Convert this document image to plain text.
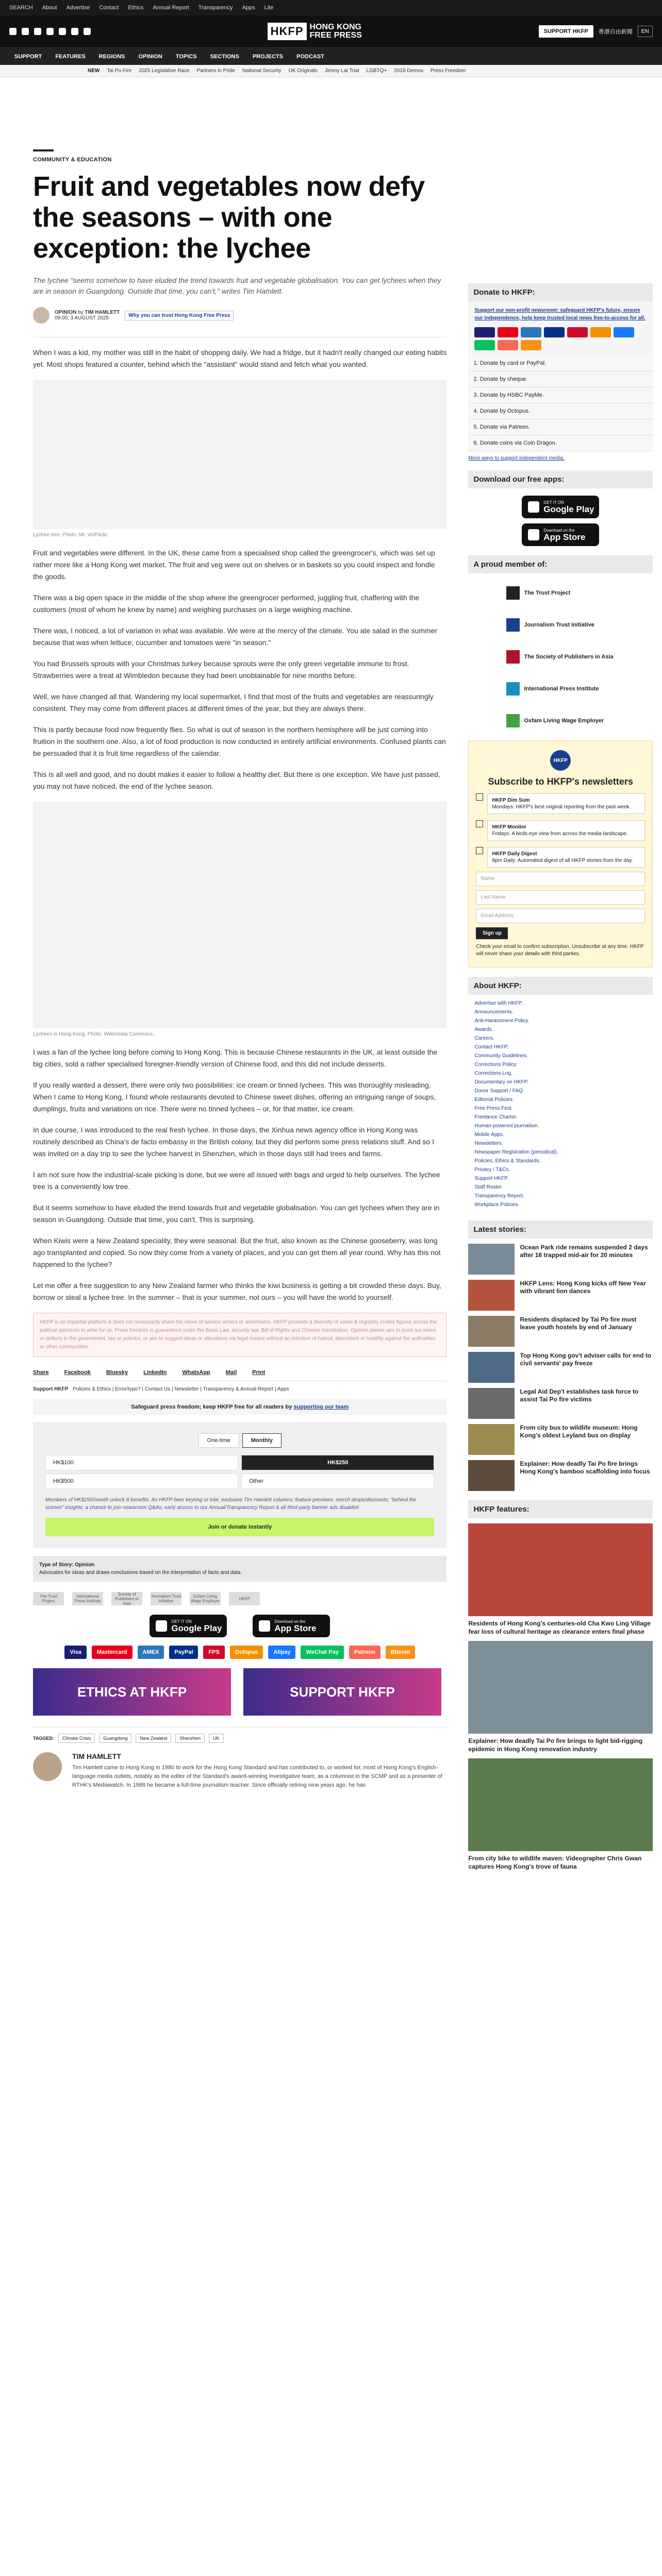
SEARCH About Advertise Contact Ethics Annual Report Transparency Apps Lite
HKFP HONG KONG
FREE PRESS	SUPPORT HKFP	香港自由新聞	EN
SUPPORT FEATURES REGIONS OPINION TOPICS SECTIONS PROJECTS PODCAST
NEW Tai Po Fire 2025 Legislative Race Partners in Pride National Security UK Originals Jimmy Lai Trial LGBTQ+ 2019 Demos Press Freedom
COMMUNITY & EDUCATION
Fruit and vegetables now defy the seasons – with one exception: the lychee

The lychee "seems somehow to have eluded the trend towards fruit and vegetable globalisation. You can get lychees when they are in season in Guangdong. Outside that time, you can't," writes Tim Hamlett.

OPINION by TIM HAMLETT
09:00, 3 AUGUST 2025	Why you can trust Hong Kong Free Press

When I was a kid, my mother was still in the habit of shopping daily. We had a fridge, but it hadn't really changed our eating habits yet. Most shops featured a counter, behind which the "assistant" would stand and fetch what you wanted.

Lychee tree. Photo: Mr. Vo/Flickr.

Fruit and vegetables were different. In the UK, these came from a specialised shop called the greengrocer's, which was set up rather more like a Hong Kong wet market. The fruit and veg were out on shelves or in baskets so you could inspect and fondle the goods.

There was a big open space in the middle of the shop where the greengrocer performed, juggling fruit, chaffering with the customers (most of whom he knew by name) and weighing purchases on a large weighing machine.

There was, I noticed, a lot of variation in what was available. We were at the mercy of the climate. You ate salad in the summer because that was when lettuce, cucumber and tomatoes were "in season."

You had Brussels sprouts with your Christmas turkey because sprouts were the only green vegetable immune to frost. Strawberries were a treat at Wimbledon because they had been unobtainable for nine months before.

Well, we have changed all that. Wandering my local supermarket, I find that most of the fruits and vegetables are reassuringly consistent. They may come from different places at different times of the year, but they are always there.

This is partly because food now frequently flies. So what is out of season in the northern hemisphere will be just coming into fruition in the southern one. Also, a lot of food production is now conducted in entirely artificial environments. Confused plants can be persuaded that it is fruit time regardless of the calendar.

This is all well and good, and no doubt makes it easier to follow a healthy diet. But there is one exception. We have just passed, you may not have noticed, the end of the lychee season.

Lychees in Hong Kong. Photo: Wikimedia Commons.

I was a fan of the lychee long before coming to Hong Kong. This is because Chinese restaurants in the UK, at least outside the big cities, sold a rather specialised foreigner-friendly version of Chinese food, and this did not include desserts.

If you really wanted a dessert, there were only two possibilities: ice cream or tinned lychees. This was thoroughly misleading. When I came to Hong Kong, I found whole restaurants devoted to Chinese sweet dishes, offering an intriguing range of soups, dumplings, fruits and variations on rice. There were no tinned lychees – or, for that matter, ice cream.

In due course, I was introduced to the real fresh lychee. In those days, the Xinhua news agency office in Hong Kong was routinely described as China's de facto embassy in the British colony, but they did perform some press relations stuff. And so I was invited on a day trip to see the lychee harvest in Shenzhen, which in those days still had trees and farms.

I am not sure how the industrial-scale picking is done, but we were all issued with bags and urged to help ourselves. The lychee tree is a conveniently low tree.

But it seems somehow to have eluded the trend towards fruit and vegetable globalisation. You can get lychees when they are in season in Guangdong. Outside that time, you can't. This is surprising.

When Kiwis were a New Zealand speciality, they were seasonal. But the fruit, also known as the Chinese gooseberry, was long ago transplanted and copied. So now they come from a variety of places, and you can get them all year round. Why has this not happened to the lychee?

Let me offer a free suggestion to any New Zealand farmer who thinks the kiwi business is getting a bit crowded these days. Buy, borrow or steal a lychee tree. In the summer – that is your summer, not ours – you will have the world to yourself.

HKFP is an impartial platform & does not necessarily share the views of opinion writers or advertisers. HKFP presents a diversity of views & regularly invites figures across the political spectrum to write for us. Press freedom is guaranteed under the Basic Law, security law, Bill of Rights and Chinese constitution. Opinion pieces aim to point out errors or defects in the government, law or policies, or aim to suggest ideas or alterations via legal means without an intention of hatred, discontent or hostility against the authorities or other communities.
Share	Facebook	Bluesky	LinkedIn	WhatsApp	Mail	Print
Support HKFP Policies & Ethics | Error/typo? | Contact Us | Newsletter | Transparency & Annual Report | Apps
Safeguard press freedom; keep HKFP free for all readers by supporting our team
One-time	Monthly
HK$100	HK$250
HK$500	Other

Members of HK$250/month unlock 8 benefits: An HKFP beer keyring or tote; exclusive Tim Hamlett columns; feature previews; merch drops/discounts; "behind the scenes" insights; a chance to join newsroom Q&As; early access to our Annual/Transparency Report & all third-party banner ads disabled.

Join or donate instantly
Type of Story: Opinion
Advocates for ideas and draws conclusions based on the interpretation of facts and data.
The Trust Project
International Press Institute
Society of Publishers in Asia
Journalism Trust Initiative
Oxfam Living Wage Employer	HKFP
GET IT ON
Google Play
Download on the
App Store
Visa	Mastercard	AMEX	PayPal	FPS	Octopus	Alipay	WeChat Pay	Patreon	Bitcoin
ETHICS AT HKFP	SUPPORT HKFP
TAGGED:	Climate Crisis	Guangdong	New Zealand	Shenzhen	UK
TIM HAMLETT

Tim Hamlett came to Hong Kong in 1980 to work for the Hong Kong Standard and has contributed to, or worked for, most of Hong Kong's English-language media outlets, notably as the editor of the Standard's award-winning investigative team, as a columnist in the SCMP and as a presenter of RTHK's Mediawatch. In 1988 he became a full-time journalism teacher. Since officially retiring nine years ago, he has

Donate to HKFP:
Support our non-profit newsroom: safeguard HKFP's future, ensure our independence, help keep trusted local news free-to-access for all.
1. Donate by card or PayPal.
2. Donate by cheque.
3. Donate by HSBC PayMe.
4. Donate by Octopus.
5. Donate via Patreon.
6. Donate coins via Coin Dragon.
More ways to support independent media.
Download our free apps:
GET IT ON
Google Play
Download on the
App Store
A proud member of:
The Trust Project
Journalism Trust Initiative
The Society of Publishers in Asia
International Press Institute
Oxfam Living Wage Employer
HKFP
Subscribe to HKFP's newsletters
HKFP Dim Sum
Mondays: HKFP's best original reporting from the past week.
HKFP Monitor
Fridays: A birds-eye view from across the media landscape.
HKFP Daily Digest
8pm Daily: Automated digest of all HKFP stories from the day.
Name
Last Name
Email Address
Sign up

Check your email to confirm subscription. Unsubscribe at any time. HKFP will never share your details with third parties.

About HKFP:
Advertise with HKFP.
Announcements.
Anti-Harassment Policy.
Awards.
Careers.
Contact HKFP.
Community Guidelines.
Corrections Policy.
Corrections Log.
Documentary on HKFP.
Donor Support / FAQ.
Editorial Policies.
Free Press Fest.
Freelance Charter.
Human-powered journalism.
Mobile Apps.
Newsletters.
Newspaper Registration (periodical).
Policies, Ethics & Standards.
Privacy / T&Cs.
Support HKFP.
Staff Roster.
Transparency Report.
Workplace Policies.
Latest stories:
Ocean Park ride remains suspended 2 days after 16 trapped mid-air for 20 minutes
HKFP Lens: Hong Kong kicks off New Year with vibrant lion dances
Residents displaced by Tai Po fire must leave youth hostels by end of January
Top Hong Kong gov't adviser calls for end to civil servants' pay freeze
Legal Aid Dep't establishes task force to assist Tai Po fire victims
From city bus to wildlife museum: Hong Kong's oldest Leyland bus on display
Explainer: How deadly Tai Po fire brings Hong Kong's bamboo scaffolding into focus
HKFP features:
Residents of Hong Kong's centuries-old Cha Kwo Ling Village fear loss of cultural heritage as clearance enters final phase
Explainer: How deadly Tai Po fire brings to light bid-rigging epidemic in Hong Kong renovation industry
From city bike to wildlife maven: Videographer Chris Gwan captures Hong Kong's trove of fauna
